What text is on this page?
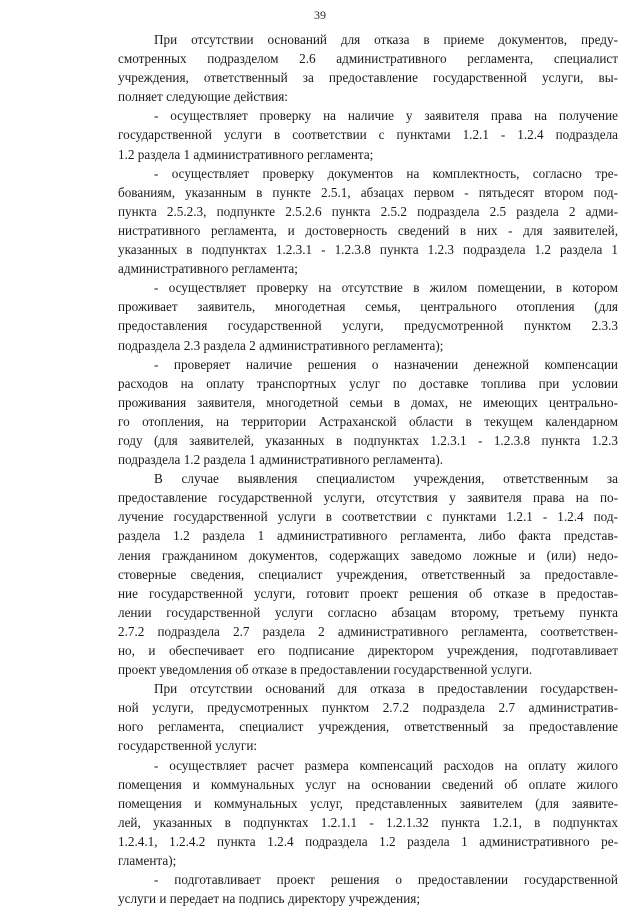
39
При отсутствии оснований для отказа в приеме документов, преду-
смотренных подразделом 2.6 административного регламента, специалист
учреждения, ответственный за предоставление государственной услуги, вы-
полняет следующие действия:
- осуществляет проверку на наличие у заявителя права на получение
государственной услуги в соответствии с пунктами 1.2.1 - 1.2.4 подраздела
1.2 раздела 1 административного регламента;
- осуществляет проверку документов на комплектность, согласно тре-
бованиям, указанным в пункте 2.5.1, абзацах первом - пятьдесят втором под-
пункта 2.5.2.3, подпункте 2.5.2.6 пункта 2.5.2 подраздела 2.5 раздела 2 адми-
нистративного регламента, и достоверность сведений в них - для заявителей,
указанных в подпунктах 1.2.3.1 - 1.2.3.8 пункта 1.2.3 подраздела 1.2 раздела 1
административного регламента;
- осуществляет проверку на отсутствие в жилом помещении, в котором
проживает заявитель, многодетная семья, центрального отопления (для
предоставления государственной услуги, предусмотренной пунктом 2.3.3
подраздела 2.3 раздела 2 административного регламента);
- проверяет наличие решения о назначении денежной компенсации
расходов на оплату транспортных услуг по доставке топлива при условии
проживания заявителя, многодетной семьи в домах, не имеющих центрально-
го отопления, на территории Астраханской области в текущем календарном
году (для заявителей, указанных в подпунктах 1.2.3.1 - 1.2.3.8 пункта 1.2.3
подраздела 1.2 раздела 1 административного регламента).
В случае выявления специалистом учреждения, ответственным за
предоставление государственной услуги, отсутствия у заявителя права на по-
лучение государственной услуги в соответствии с пунктами 1.2.1 - 1.2.4 под-
раздела 1.2 раздела 1 административного регламента, либо факта представ-
ления гражданином документов, содержащих заведомо ложные и (или) недо-
стоверные сведения, специалист учреждения, ответственный за предоставле-
ние государственной услуги, готовит проект решения об отказе в предостав-
лении государственной услуги согласно абзацам второму, третьему пункта
2.7.2 подраздела 2.7 раздела 2 административного регламента, соответствен-
но, и обеспечивает его подписание директором учреждения, подготавливает
проект уведомления об отказе в предоставлении государственной услуги.
При отсутствии оснований для отказа в предоставлении государствен-
ной услуги, предусмотренных пунктом 2.7.2 подраздела 2.7 административ-
ного регламента, специалист учреждения, ответственный за предоставление
государственной услуги:
- осуществляет расчет размера компенсаций расходов на оплату жилого
помещения и коммунальных услуг на основании сведений об оплате жилого
помещения и коммунальных услуг, представленных заявителем (для заявите-
лей, указанных в подпунктах 1.2.1.1 - 1.2.1.32 пункта 1.2.1, в подпунктах
1.2.4.1, 1.2.4.2 пункта 1.2.4 подраздела 1.2 раздела 1 административного ре-
гламента);
- подготавливает проект решения о предоставлении государственной
услуги и передает на подпись директору учреждения;
